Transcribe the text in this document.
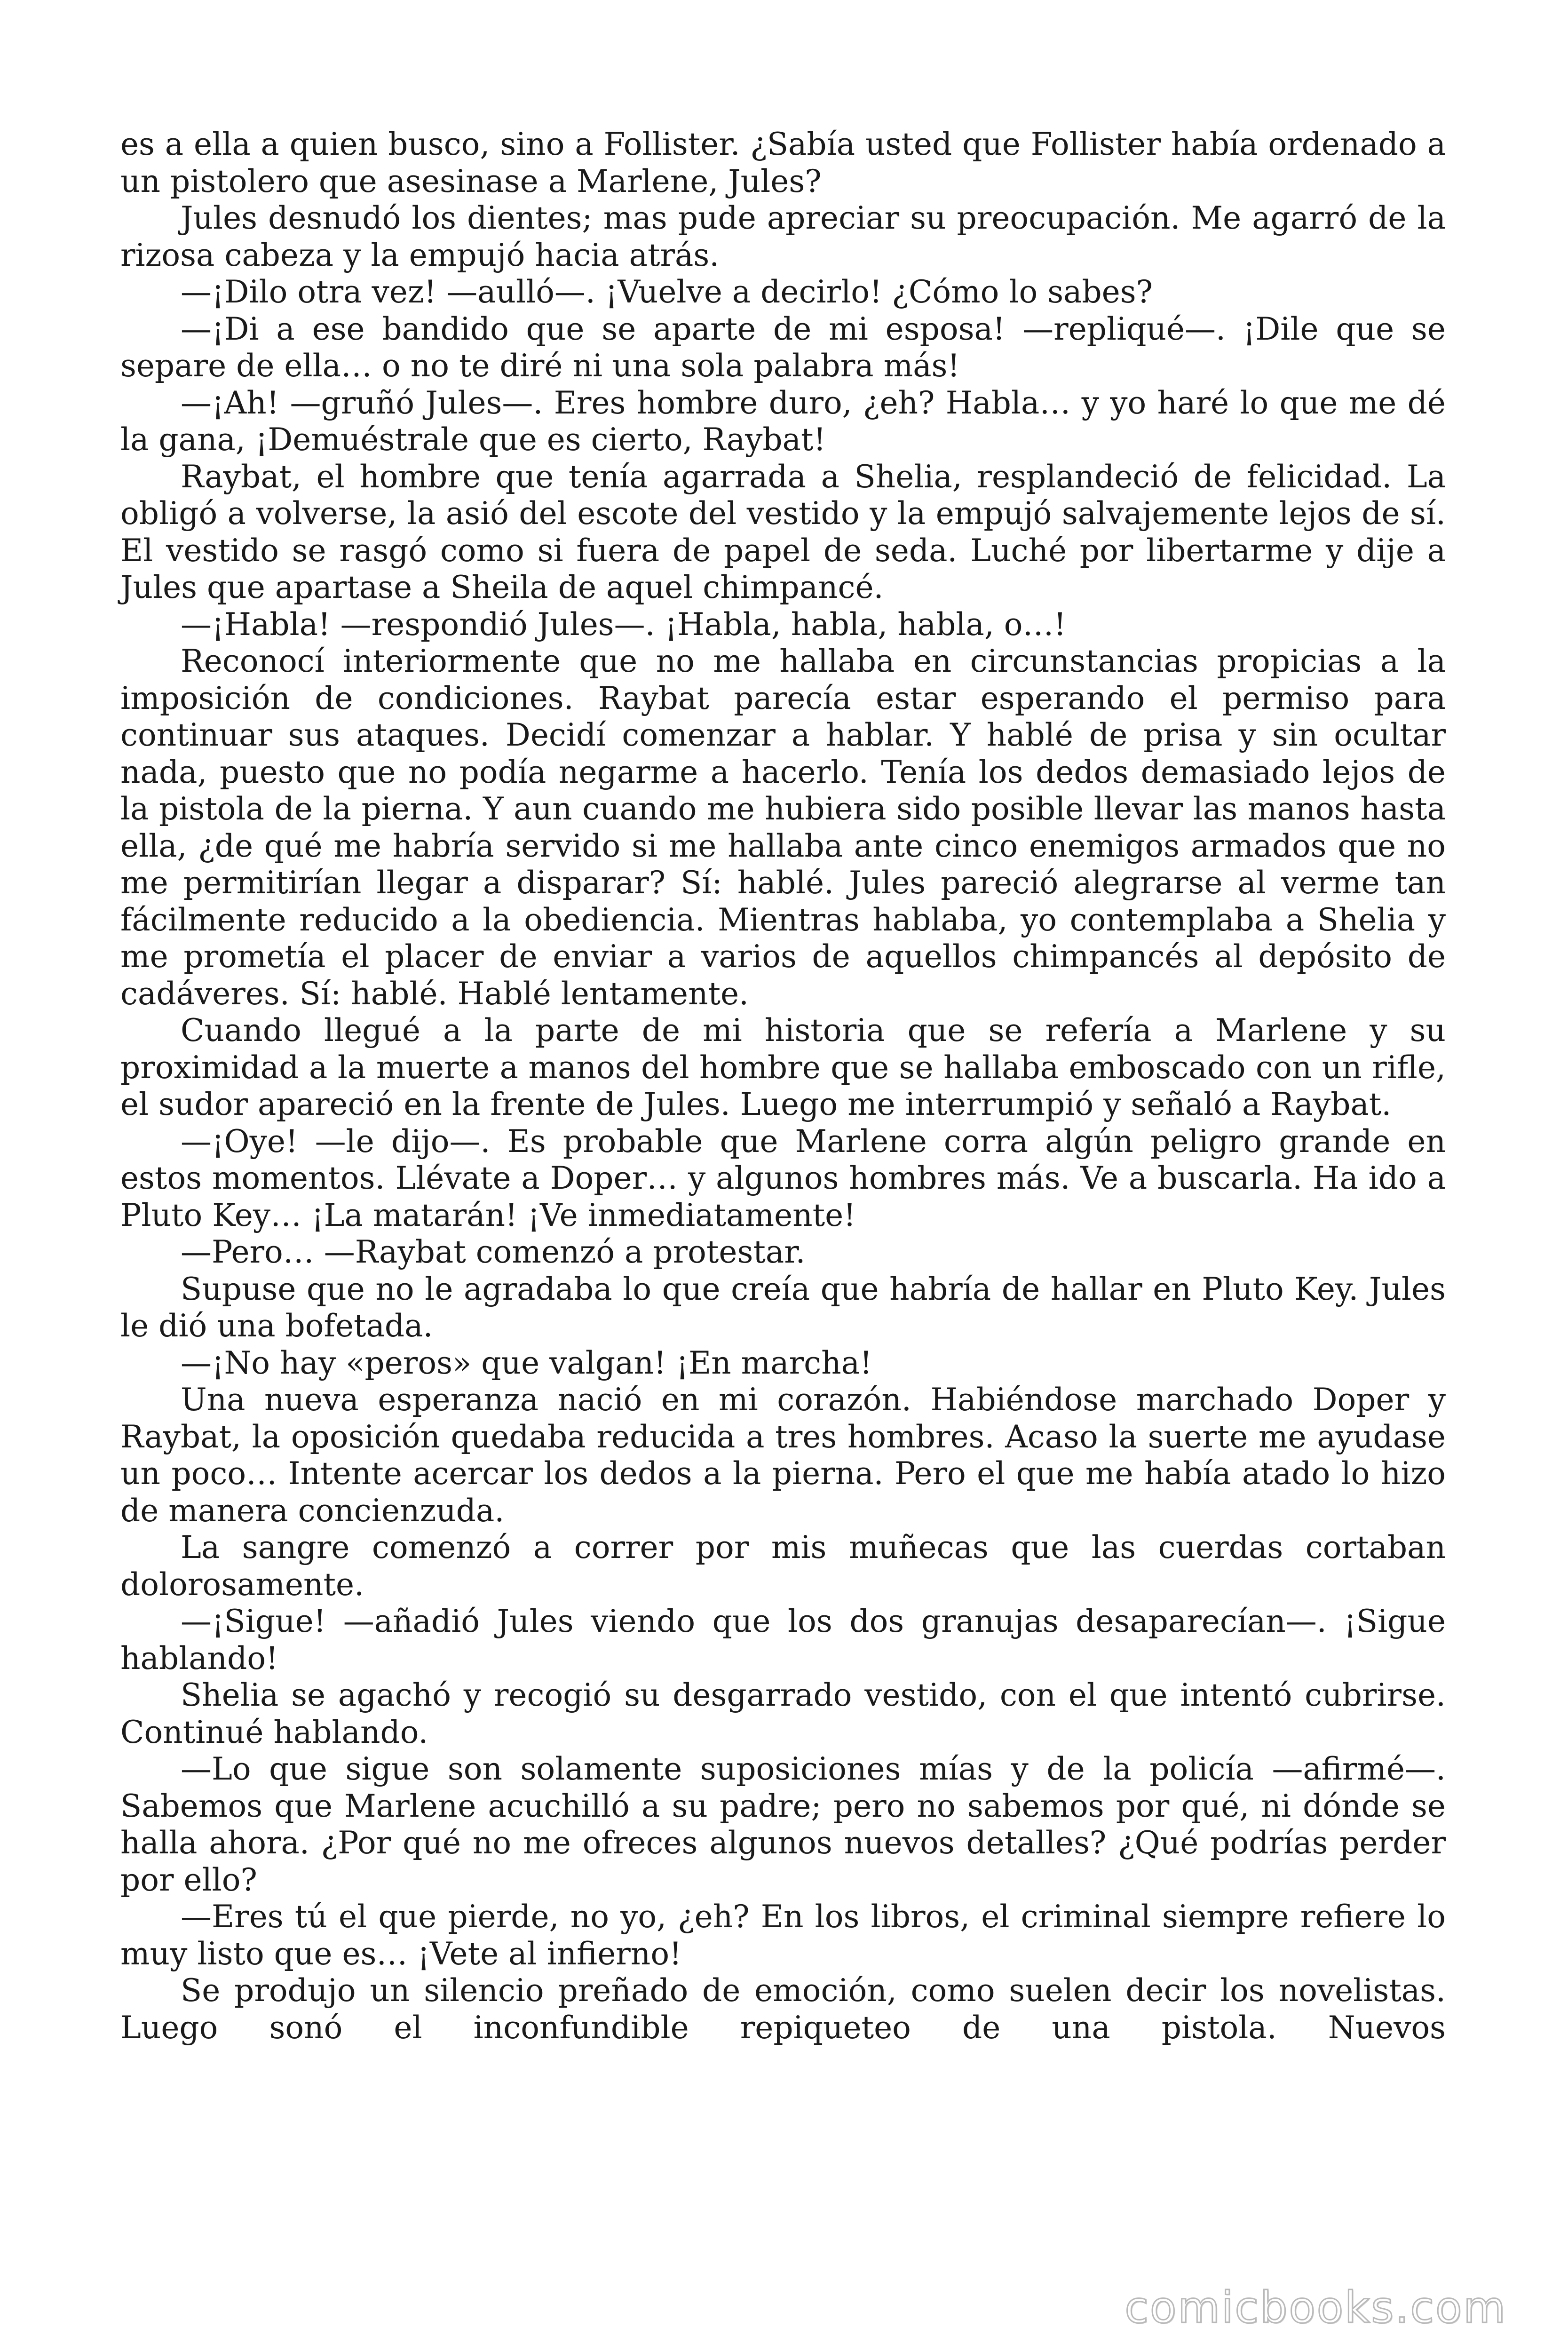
es a ella a quien busco, sino a Follister. ¿Sabía usted que Follister había ordenado a un pistolero que asesinase a Marlene, Jules?

Jules desnudó los dientes; mas pude apreciar su preocupación. Me agarró de la rizosa cabeza y la empujó hacia atrás.

—¡Dilo otra vez! —aulló—. ¡Vuelve a decirlo! ¿Cómo lo sabes?

—¡Di a ese bandido que se aparte de mi esposa! —repliqué—. ¡Dile que se separe de ella… o no te diré ni una sola palabra más!

—¡Ah! —gruñó Jules—. Eres hombre duro, ¿eh? Habla… y yo haré lo que me dé la gana, ¡Demuéstrale que es cierto, Raybat!

Raybat, el hombre que tenía agarrada a Shelia, resplandeció de felicidad. La obligó a volverse, la asió del escote del vestido y la empujó salvajemente lejos de sí. El vestido se rasgó como si fuera de papel de seda. Luché por libertarme y dije a Jules que apartase a Sheila de aquel chimpancé.

—¡Habla! —respondió Jules—. ¡Habla, habla, habla, o…!

Reconocí interiormente que no me hallaba en circunstancias propicias a la imposición de condiciones. Raybat parecía estar esperando el permiso para continuar sus ataques. Decidí comenzar a hablar. Y hablé de prisa y sin ocultar nada, puesto que no podía negarme a hacerlo. Tenía los dedos demasiado lejos de la pistola de la pierna. Y aun cuando me hubiera sido posible llevar las manos hasta ella, ¿de qué me habría servido si me hallaba ante cinco enemigos armados que no me permitirían llegar a disparar? Sí: hablé. Jules pareció alegrarse al verme tan fácilmente reducido a la obediencia. Mientras hablaba, yo contemplaba a Shelia y me prometía el placer de enviar a varios de aquellos chimpancés al depósito de cadáveres. Sí: hablé. Hablé lentamente.

Cuando llegué a la parte de mi historia que se refería a Marlene y su proximidad a la muerte a manos del hombre que se hallaba emboscado con un rifle, el sudor apareció en la frente de Jules. Luego me interrumpió y señaló a Raybat.

—¡Oye! —le dijo—. Es probable que Marlene corra algún peligro grande en estos momentos. Llévate a Doper… y algunos hombres más. Ve a buscarla. Ha ido a Pluto Key… ¡La matarán! ¡Ve inmediatamente!

—Pero… —Raybat comenzó a protestar.

Supuse que no le agradaba lo que creía que habría de hallar en Pluto Key. Jules le dió una bofetada.

—¡No hay «peros» que valgan! ¡En marcha!

Una nueva esperanza nació en mi corazón. Habiéndose marchado Doper y Raybat, la oposición quedaba reducida a tres hombres. Acaso la suerte me ayudase un poco… Intente acercar los dedos a la pierna. Pero el que me había atado lo hizo de manera concienzuda.

La sangre comenzó a correr por mis muñecas que las cuerdas cortaban dolorosamente.

—¡Sigue! —añadió Jules viendo que los dos granujas desaparecían—. ¡Sigue hablando!

Shelia se agachó y recogió su desgarrado vestido, con el que intentó cubrirse. Continué hablando.

—Lo que sigue son solamente suposiciones mías y de la policía —afirmé—. Sabemos que Marlene acuchilló a su padre; pero no sabemos por qué, ni dónde se halla ahora. ¿Por qué no me ofreces algunos nuevos detalles? ¿Qué podrías perder por ello?

—Eres tú el que pierde, no yo, ¿eh? En los libros, el criminal siempre refiere lo muy listo que es… ¡Vete al infierno!

Se produjo un silencio preñado de emoción, como suelen decir los novelistas. Luego sonó el inconfundible repiqueteo de una pistola. Nuevos

comicbooks.com
